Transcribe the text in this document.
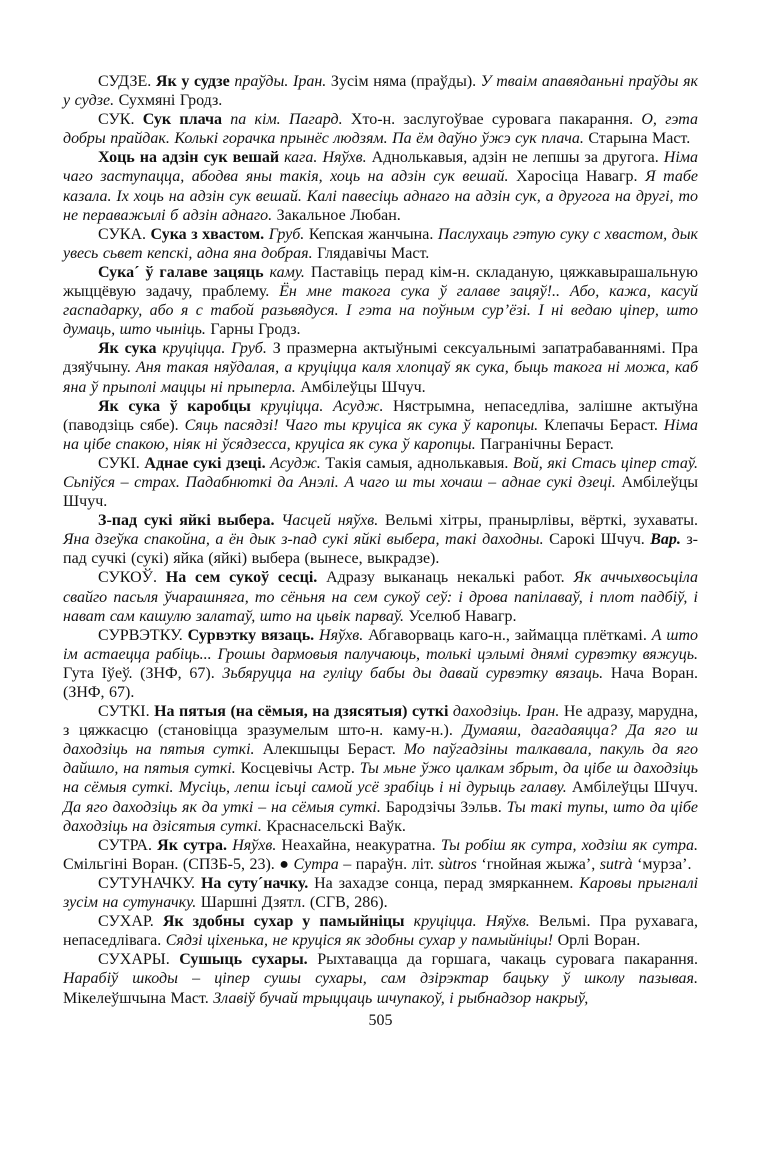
СУДЗЕ. Як у судзе праўды. Іран. Зусім няма (праўды). У тваім апавяданьні праўды як у судзе. Сухмяні Гродз.

СУК. Сук плача па кім. Пагард. Хто-н. заслугоўвае суровага пакарання. О, гэта добры прайдак. Колькі горачка прынёс людзям. Па ём даўно ўжэ сук плача. Старына Маст.

Хоць на адзін сук вешай кага. Няўхв. Аднолькавыя, адзін не лепшы за другога. Німа чаго заступацца, абодва яны такія, хоць на адзін сук вешай. Харосіца Навагр. Я табе казала. Іх хоць на адзін сук вешай. Калі павесіць аднаго на адзін сук, а другога на другі, то не пераважылі б адзін аднаго. Закальное Любан.

СУКА. Сука з хвастом. Груб. Кепская жанчына. Паслухаць гэтую суку с хвастом, дык увесь сьвет кепскі, адна яна добрая. Глядавічы Маст.

Сука´ ў галаве зацяць каму. Паставіць перад кім-н. складаную, цяжкавырашальную жыццёвую задачу, праблему. Ён мне такога сука ў галаве зацяў!.. Або, кажа, касуй гаспадарку, або я с табой разьвядуся. І гэта на поўным сур’ёзі. І ні ведаю ціпер, што думаць, што чыніць. Гарны Гродз.

Як сука круціцца. Груб. З празмерна актыўнымі сексуальнымі запатрабаваннямі. Пра дзяўчыну. Аня такая няўдалая, а круціцца каля хлопцаў як сука, быць такога ні можа, каб яна ў прыполі маццы ні прыперла. Амбілеўцы Шчуч.

Як сука ў каробцы круціцца. Асудж. Нястрымна, непаседліва, залішне актыўна (паводзіць сябе). Сяць пасядзі! Чаго ты круціса як сука ў каропцы. Клепачы Бераст. Німа на цібе спакою, ніяк ні ўсядзесса, круціса як сука ў каропцы. Пагранічны Бераст.

СУКІ. Аднае сукі дзеці. Асудж. Такія самыя, аднолькавыя. Вой, які Стась ціпер стаў. Сьпіўся – страх. Падабнюткі да Анэлі. А чаго ш ты хочаш – аднае сукі дзеці. Амбілеўцы Шчуч.

З-пад сукі яйкі выбера. Часцей няўхв. Вельмі хітры, пранырлівы, вёрткі, зухаваты. Яна дзеўка спакойна, а ён дык з-пад сукі яйкі выбера, такі даходны. Сарокі Шчуч. Вар. з-пад сучкі (сукі) яйка (яйкі) выбера (вынесе, выкрадзе).

СУКОЎ. На сем сукоў сесці. Адразу выканаць некалькі работ. Як аччыхвосьціла свайго пасьля ўчарашняга, то сёньня на сем сукоў сеў: і дрова папілаваў, і плот падбіў, і нават сам кашулю залатаў, што на цьвік парваў. Уселюб Навагр.

СУРВЭТКУ. Сурвэтку вязаць. Няўхв. Абгаворваць каго-н., займацца плёткамі. А што ім астаецца рабіць... Грошы дармовыя палучаюць, толькі цэлымі днямі сурвэтку вяжуць. Гута Іўеў. (ЗНФ, 67). Зьбяруцца на гуліцу бабы ды давай сурвэтку вязаць. Нача Воран. (ЗНФ, 67).

СУТКІ. На пятыя (на сёмыя, на дзясятыя) суткі даходзіць. Іран. Не адразу, марудна, з цяжкасцю (становіцца зразумелым што-н. каму-н.). Думаяш, дагадаяцца? Да яго ш даходзіць на пятыя суткі. Алекшыцы Бераст. Мо паўгадзіны талкавала, пакуль да яго дайшло, на пятыя суткі. Косцевічы Астр. Ты мьне ўжо цалкам збрыт, да цібе ш даходзіць на сёмыя суткі. Мусіць, лепш ісьці самой усё зрабіць і ні дурыць галаву. Амбілеўцы Шчуч. Да яго даходзіць як да уткі – на сёмыя суткі. Бародзічы Зэльв. Ты такі тупы, што да цібе даходзіць на дзісятыя суткі. Краснасельскі Ваўк.

СУТРА. Як сутра. Няўхв. Неахайна, неакуратна. Ты робіш як сутра, ходзіш як сутра. Смільгіні Воран. (СПЗБ-5, 23). ● Сутра – параўн. літ. sùtros ‘гнойная жыжа’, sutrà ‘мурза’.

СУТУНАЧКУ. На суту´начку. На захадзе сонца, перад змярканнем. Каровы прыгналі зусім на сутуначку. Шаршні Дзятл. (СГВ, 286).

СУХАР. Як здобны сухар у памыйніцы круціцца. Няўхв. Вельмі. Пра рухавага, непаседлівага. Сядзі ціхенька, не круціся як здобны сухар у памыйніцы! Орлі Воран.

СУХАРЫ. Сушыць сухары. Рыхтавацца да горшага, чакаць суровага пакарання. Нарабіў шкоды – ціпер сушы сухары, сам дзірэктар бацьку ў школу пазывая. Мікелеўшчына Маст. Злавіў бучай трыццаць шчупакоў, і рыбнадзор накрыў,

505
